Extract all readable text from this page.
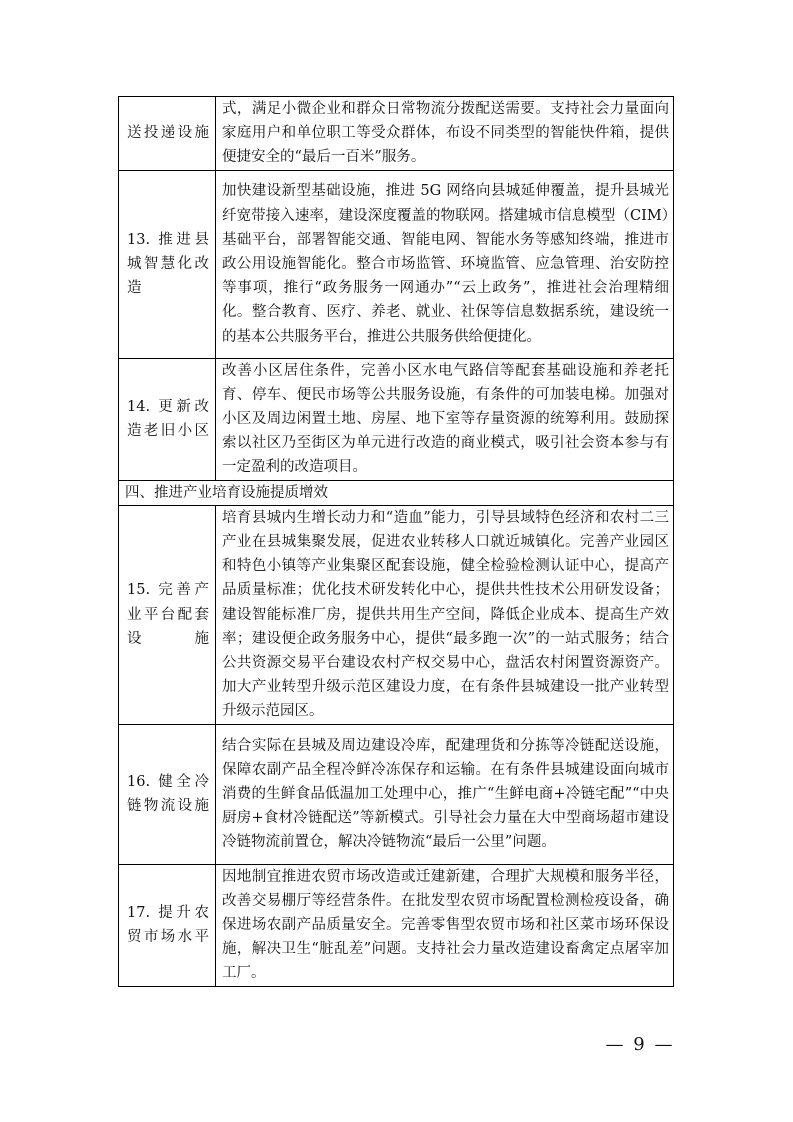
送投递设施	式，满足小微企业和群众日常物流分拨配送需要。支持社会力量面向家庭用户和单位职工等受众群体，布设不同类型的智能快件箱，提供便捷安全的“最后一百米”服务。
13. 推进县城智慧化改造	加快建设新型基础设施，推进 5G 网络向县城延伸覆盖，提升县城光纤宽带接入速率，建设深度覆盖的物联网。搭建城市信息模型（CIM）基础平台，部署智能交通、智能电网、智能水务等感知终端，推进市政公用设施智能化。整合市场监管、环境监管、应急管理、治安防控等事项，推行“政务服务一网通办”“云上政务”，推进社会治理精细化。整合教育、医疗、养老、就业、社保等信息数据系统，建设统一的基本公共服务平台，推进公共服务供给便捷化。
14. 更新改造老旧小区	改善小区居住条件，完善小区水电气路信等配套基础设施和养老托育、停车、便民市场等公共服务设施，有条件的可加装电梯。加强对小区及周边闲置土地、房屋、地下室等存量资源的统筹利用。鼓励探索以社区乃至街区为单元进行改造的商业模式，吸引社会资本参与有一定盈利的改造项目。
四、推进产业培育设施提质增效	
15. 完善产业平台配套设施	培育县城内生增长动力和“造血”能力，引导县域特色经济和农村二三产业在县城集聚发展，促进农业转移人口就近城镇化。完善产业园区和特色小镇等产业集聚区配套设施，健全检验检测认证中心，提高产品质量标准；优化技术研发转化中心，提供共性技术公用研发设备；建设智能标准厂房，提供共用生产空间，降低企业成本、提高生产效率；建设便企政务服务中心，提供“最多跑一次”的一站式服务；结合公共资源交易平台建设农村产权交易中心，盘活农村闲置资源资产。加大产业转型升级示范区建设力度，在有条件县城建设一批产业转型升级示范园区。
16. 健全冷链物流设施	结合实际在县城及周边建设冷库，配建理货和分拣等冷链配送设施，保障农副产品全程冷鲜冷冻保存和运输。在有条件县城建设面向城市消费的生鲜食品低温加工处理中心，推广“生鲜电商+冷链宅配”“中央厨房+食材冷链配送”等新模式。引导社会力量在大中型商场超市建设冷链物流前置仓，解决冷链物流“最后一公里”问题。
17. 提升农贸市场水平	因地制宜推进农贸市场改造或迁建新建，合理扩大规模和服务半径，改善交易棚厅等经营条件。在批发型农贸市场配置检测检疫设备，确保进场农副产品质量安全。完善零售型农贸市场和社区菜市场环保设施，解决卫生“脏乱差”问题。支持社会力量改造建设畜禽定点屠宰加工厂。
— 9 —
